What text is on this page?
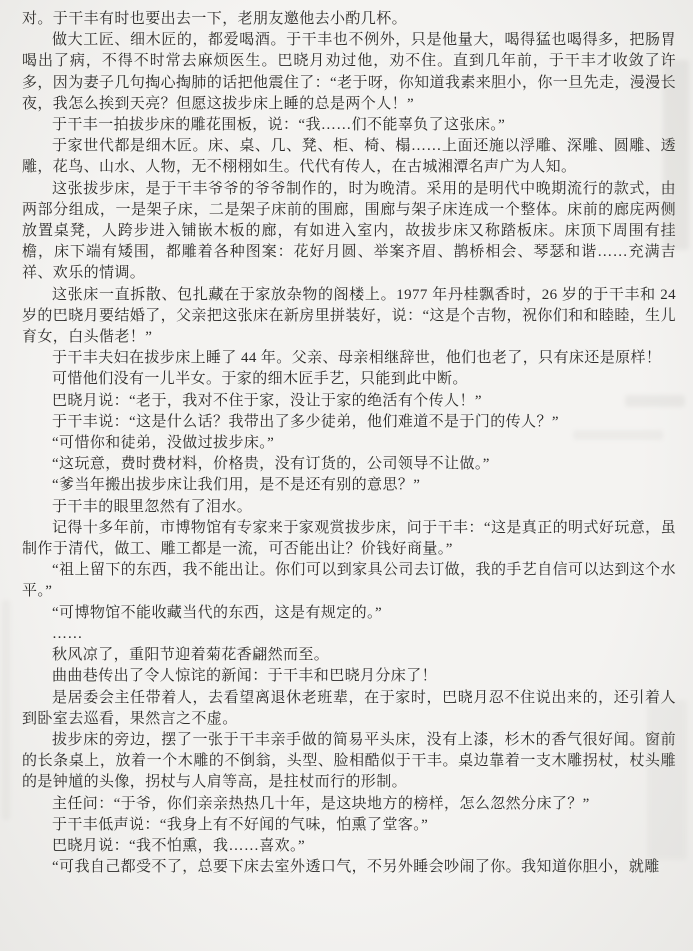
对。于干丰有时也要出去一下，老朋友邀他去小酌几杯。

做大工匠、细木匠的，都爱喝酒。于干丰也不例外，只是他量大，喝得猛也喝得多，把肠胃喝出了病，不得不时常去麻烦医生。巴晓月劝过他，劝不住。直到几年前，于干丰才收敛了许多，因为妻子几句掏心掏肺的话把他震住了：“老于呀，你知道我素来胆小，你一旦先走，漫漫长夜，我怎么挨到天亮？但愿这拔步床上睡的总是两个人！”

于干丰一拍拔步床的雕花围板，说：“我……们不能辜负了这张床。”

于家世代都是细木匠。床、桌、几、凳、柜、椅、榻……上面还施以浮雕、深雕、圆雕、透雕，花鸟、山水、人物，无不栩栩如生。代代有传人，在古城湘潭名声广为人知。

这张拔步床，是于干丰爷爷的爷爷制作的，时为晚清。采用的是明代中晚期流行的款式，由两部分组成，一是架子床，二是架子床前的围廊，围廊与架子床连成一个整体。床前的廊庑两侧放置桌凳，人跨步进入铺嵌木板的廊，有如进入室内，故拔步床又称踏板床。床顶下周围有挂檐，床下端有矮围，都雕着各种图案：花好月圆、举案齐眉、鹊桥相会、琴瑟和谐……充满吉祥、欢乐的情调。

这张床一直拆散、包扎藏在于家放杂物的阁楼上。1977 年丹桂飘香时，26 岁的于干丰和 24 岁的巴晓月要结婚了，父亲把这张床在新房里拼装好，说：“这是个吉物，祝你们和和睦睦，生儿育女，白头偕老！”

于干丰夫妇在拔步床上睡了 44 年。父亲、母亲相继辞世，他们也老了，只有床还是原样！

可惜他们没有一儿半女。于家的细木匠手艺，只能到此中断。

巴晓月说：“老于，我对不住于家，没让于家的绝活有个传人！”

于干丰说：“这是什么话？我带出了多少徒弟，他们难道不是于门的传人？”

“可惜你和徒弟，没做过拔步床。”

“这玩意，费时费材料，价格贵，没有订货的，公司领导不让做。”

“爹当年搬出拔步床让我们用，是不是还有别的意思？”

于干丰的眼里忽然有了泪水。

记得十多年前，市博物馆有专家来于家观赏拔步床，问于干丰：“这是真正的明式好玩意，虽制作于清代，做工、雕工都是一流，可否能出让？价钱好商量。”

“祖上留下的东西，我不能出让。你们可以到家具公司去订做，我的手艺自信可以达到这个水平。”

“可博物馆不能收藏当代的东西，这是有规定的。”

……

秋风凉了，重阳节迎着菊花香翩然而至。

曲曲巷传出了令人惊诧的新闻：于干丰和巴晓月分床了！

是居委会主任带着人，去看望离退休老班辈，在于家时，巴晓月忍不住说出来的，还引着人到卧室去巡看，果然言之不虚。

拔步床的旁边，摆了一张于干丰亲手做的简易平头床，没有上漆，杉木的香气很好闻。窗前的长条桌上，放着一个木雕的不倒翁，头型、脸相酷似于干丰。桌边靠着一支木雕拐杖，杖头雕的是钟馗的头像，拐杖与人肩等高，是拄杖而行的形制。

主任问：“于爷，你们亲亲热热几十年，是这块地方的榜样，怎么忽然分床了？”

于干丰低声说：“我身上有不好闻的气味，怕熏了堂客。”

巴晓月说：“我不怕熏，我……喜欢。”

“可我自己都受不了，总要下床去室外透口气，不另外睡会吵闹了你。我知道你胆小，就雕
